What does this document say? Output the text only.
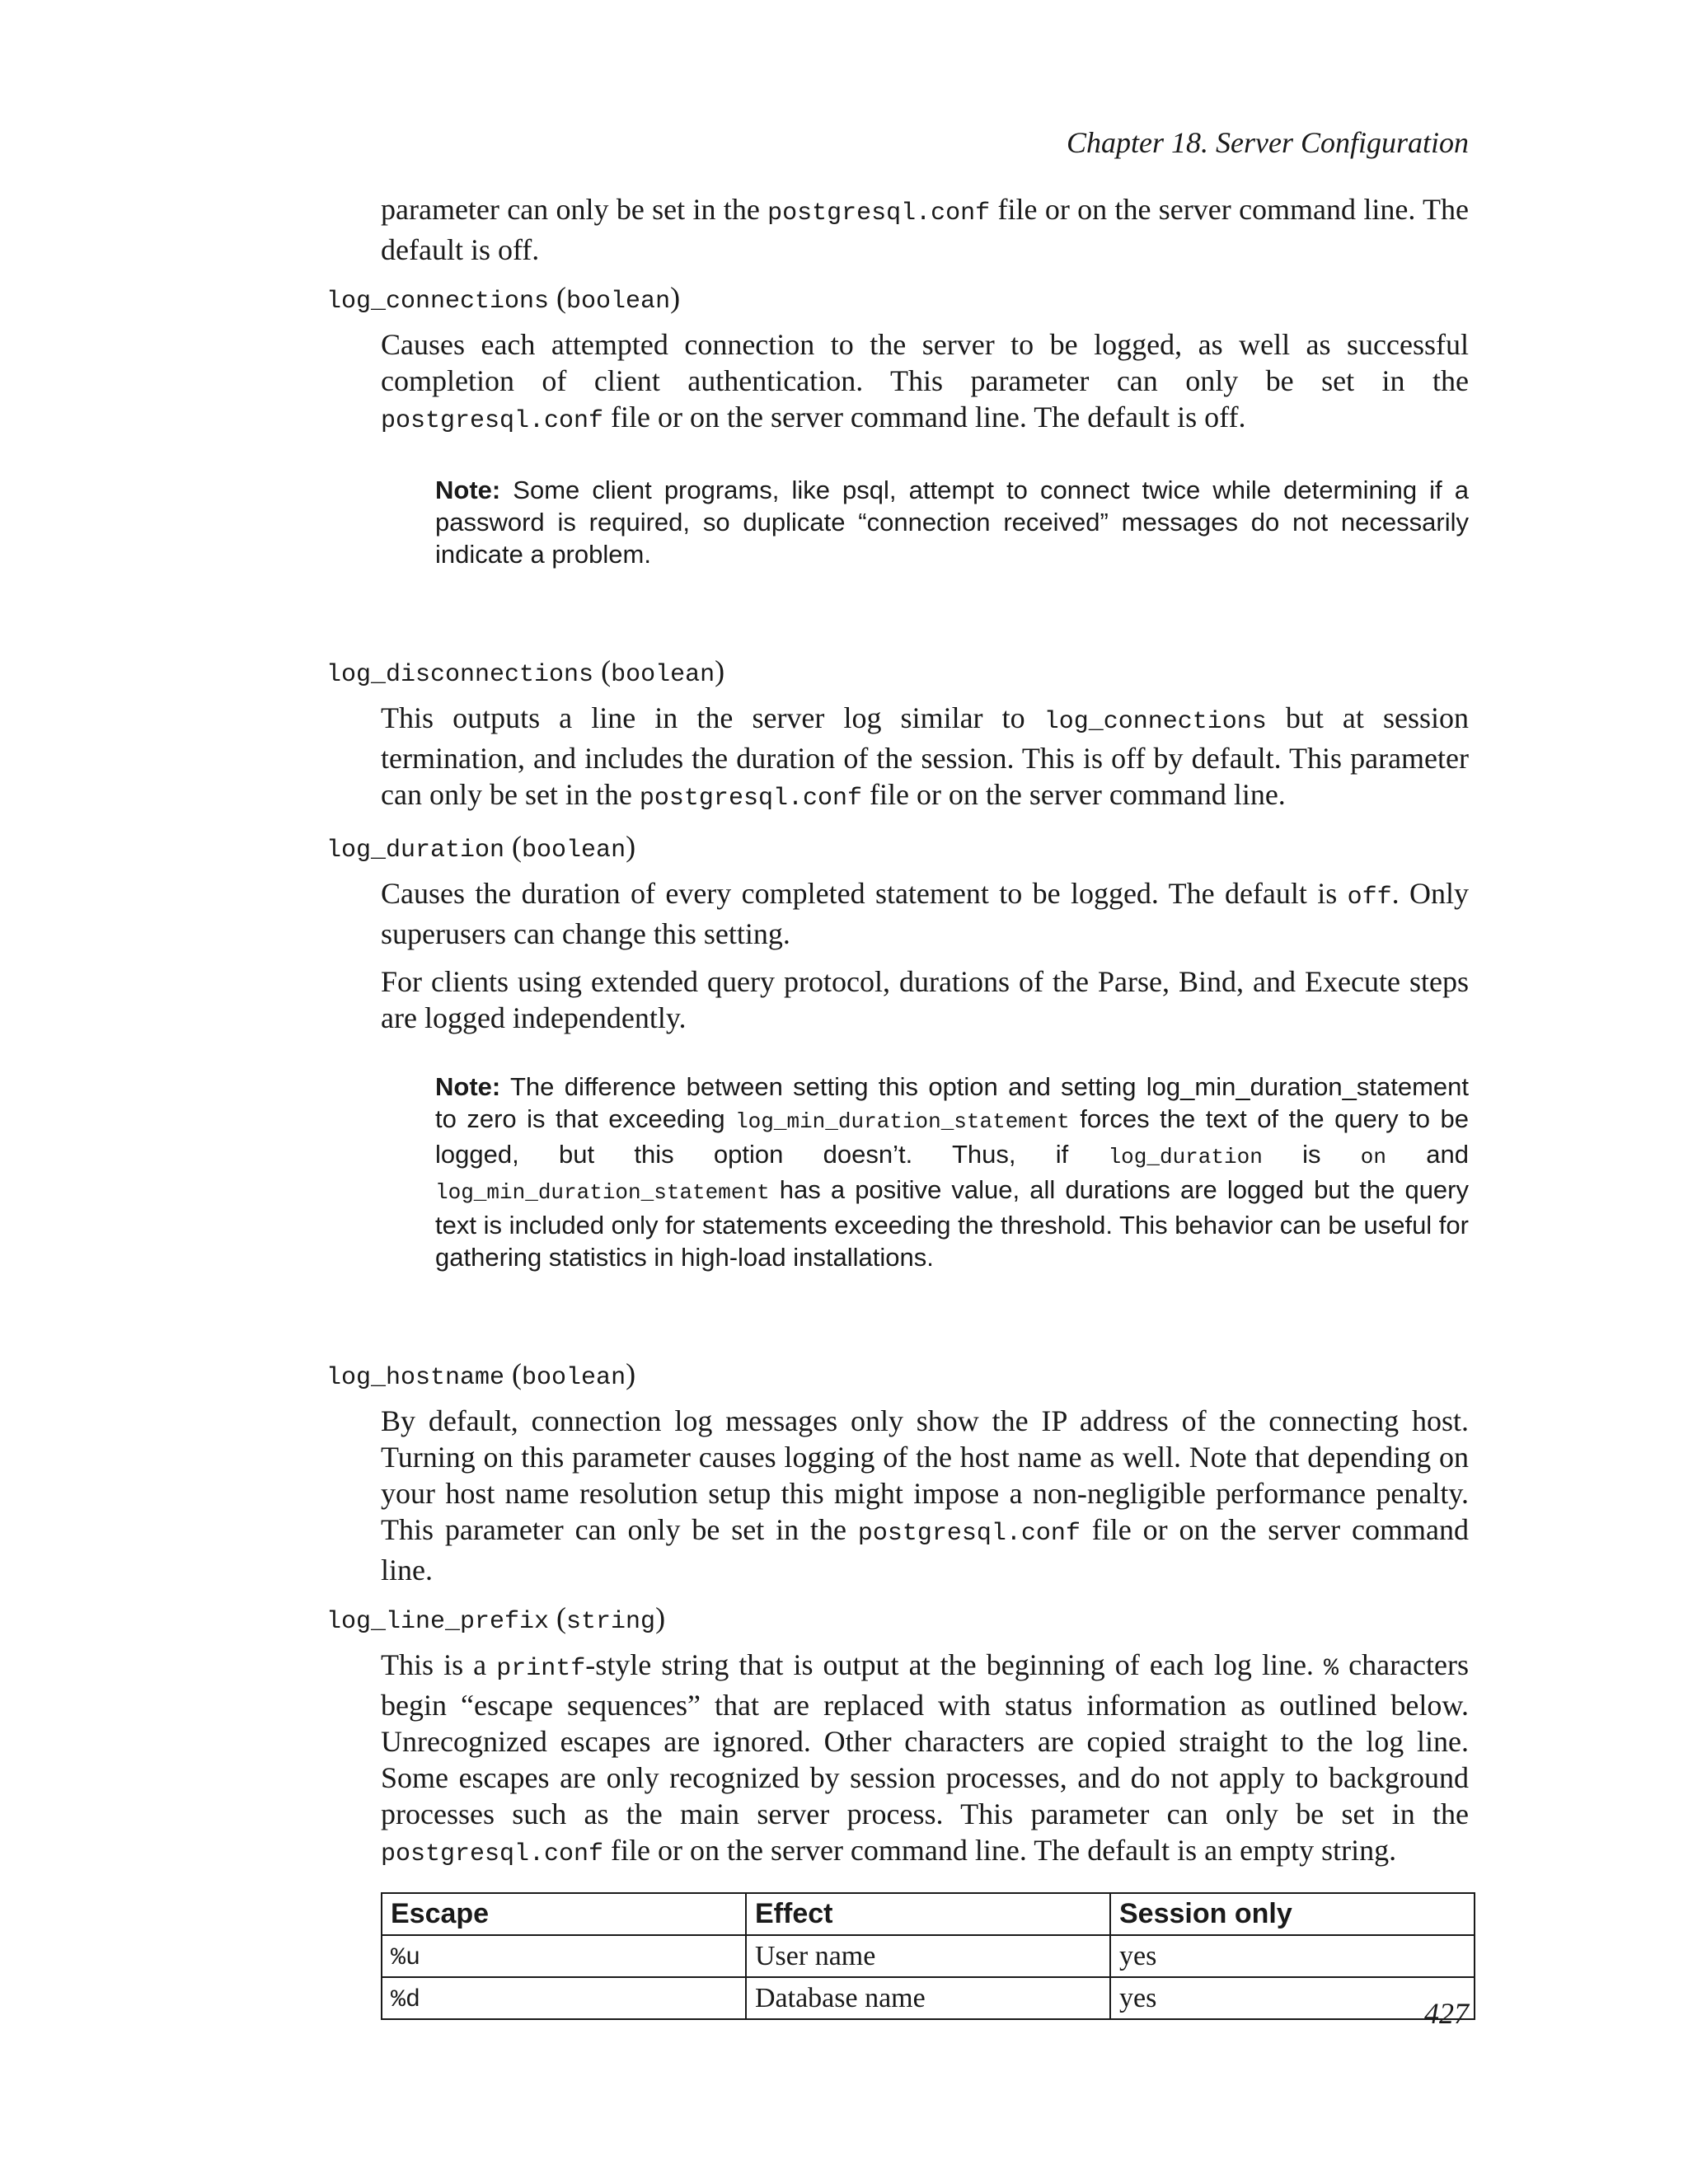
Chapter 18. Server Configuration

parameter can only be set in the postgresql.conf file or on the server command line. The default is off.

log_connections (boolean)

Causes each attempted connection to the server to be logged, as well as successful completion of client authentication. This parameter can only be set in the postgresql.conf file or on the server command line. The default is off.

Note: Some client programs, like psql, attempt to connect twice while determining if a password is required, so duplicate “connection received” messages do not necessarily indicate a problem.
log_disconnections (boolean)

This outputs a line in the server log similar to log_connections but at session termination, and includes the duration of the session. This is off by default. This parameter can only be set in the postgresql.conf file or on the server command line.

log_duration (boolean)

Causes the duration of every completed statement to be logged. The default is off. Only superusers can change this setting.

For clients using extended query protocol, durations of the Parse, Bind, and Execute steps are logged independently.

Note: The difference between setting this option and setting log_min_duration_statement to zero is that exceeding log_min_duration_statement forces the text of the query to be logged, but this option doesn’t. Thus, if log_duration is on and log_min_duration_statement has a positive value, all durations are logged but the query text is included only for statements exceeding the threshold. This behavior can be useful for gathering statistics in high-load installations.
log_hostname (boolean)

By default, connection log messages only show the IP address of the connecting host. Turning on this parameter causes logging of the host name as well. Note that depending on your host name resolution setup this might impose a non-negligible performance penalty. This parameter can only be set in the postgresql.conf file or on the server command line.

log_line_prefix (string)

This is a printf-style string that is output at the beginning of each log line. % characters begin “escape sequences” that are replaced with status information as outlined below. Unrecognized escapes are ignored. Other characters are copied straight to the log line. Some escapes are only recognized by session processes, and do not apply to background processes such as the main server process. This parameter can only be set in the postgresql.conf file or on the server command line. The default is an empty string.

Escape	Effect	Session only
%u	User name	yes
%d	Database name	yes	427
